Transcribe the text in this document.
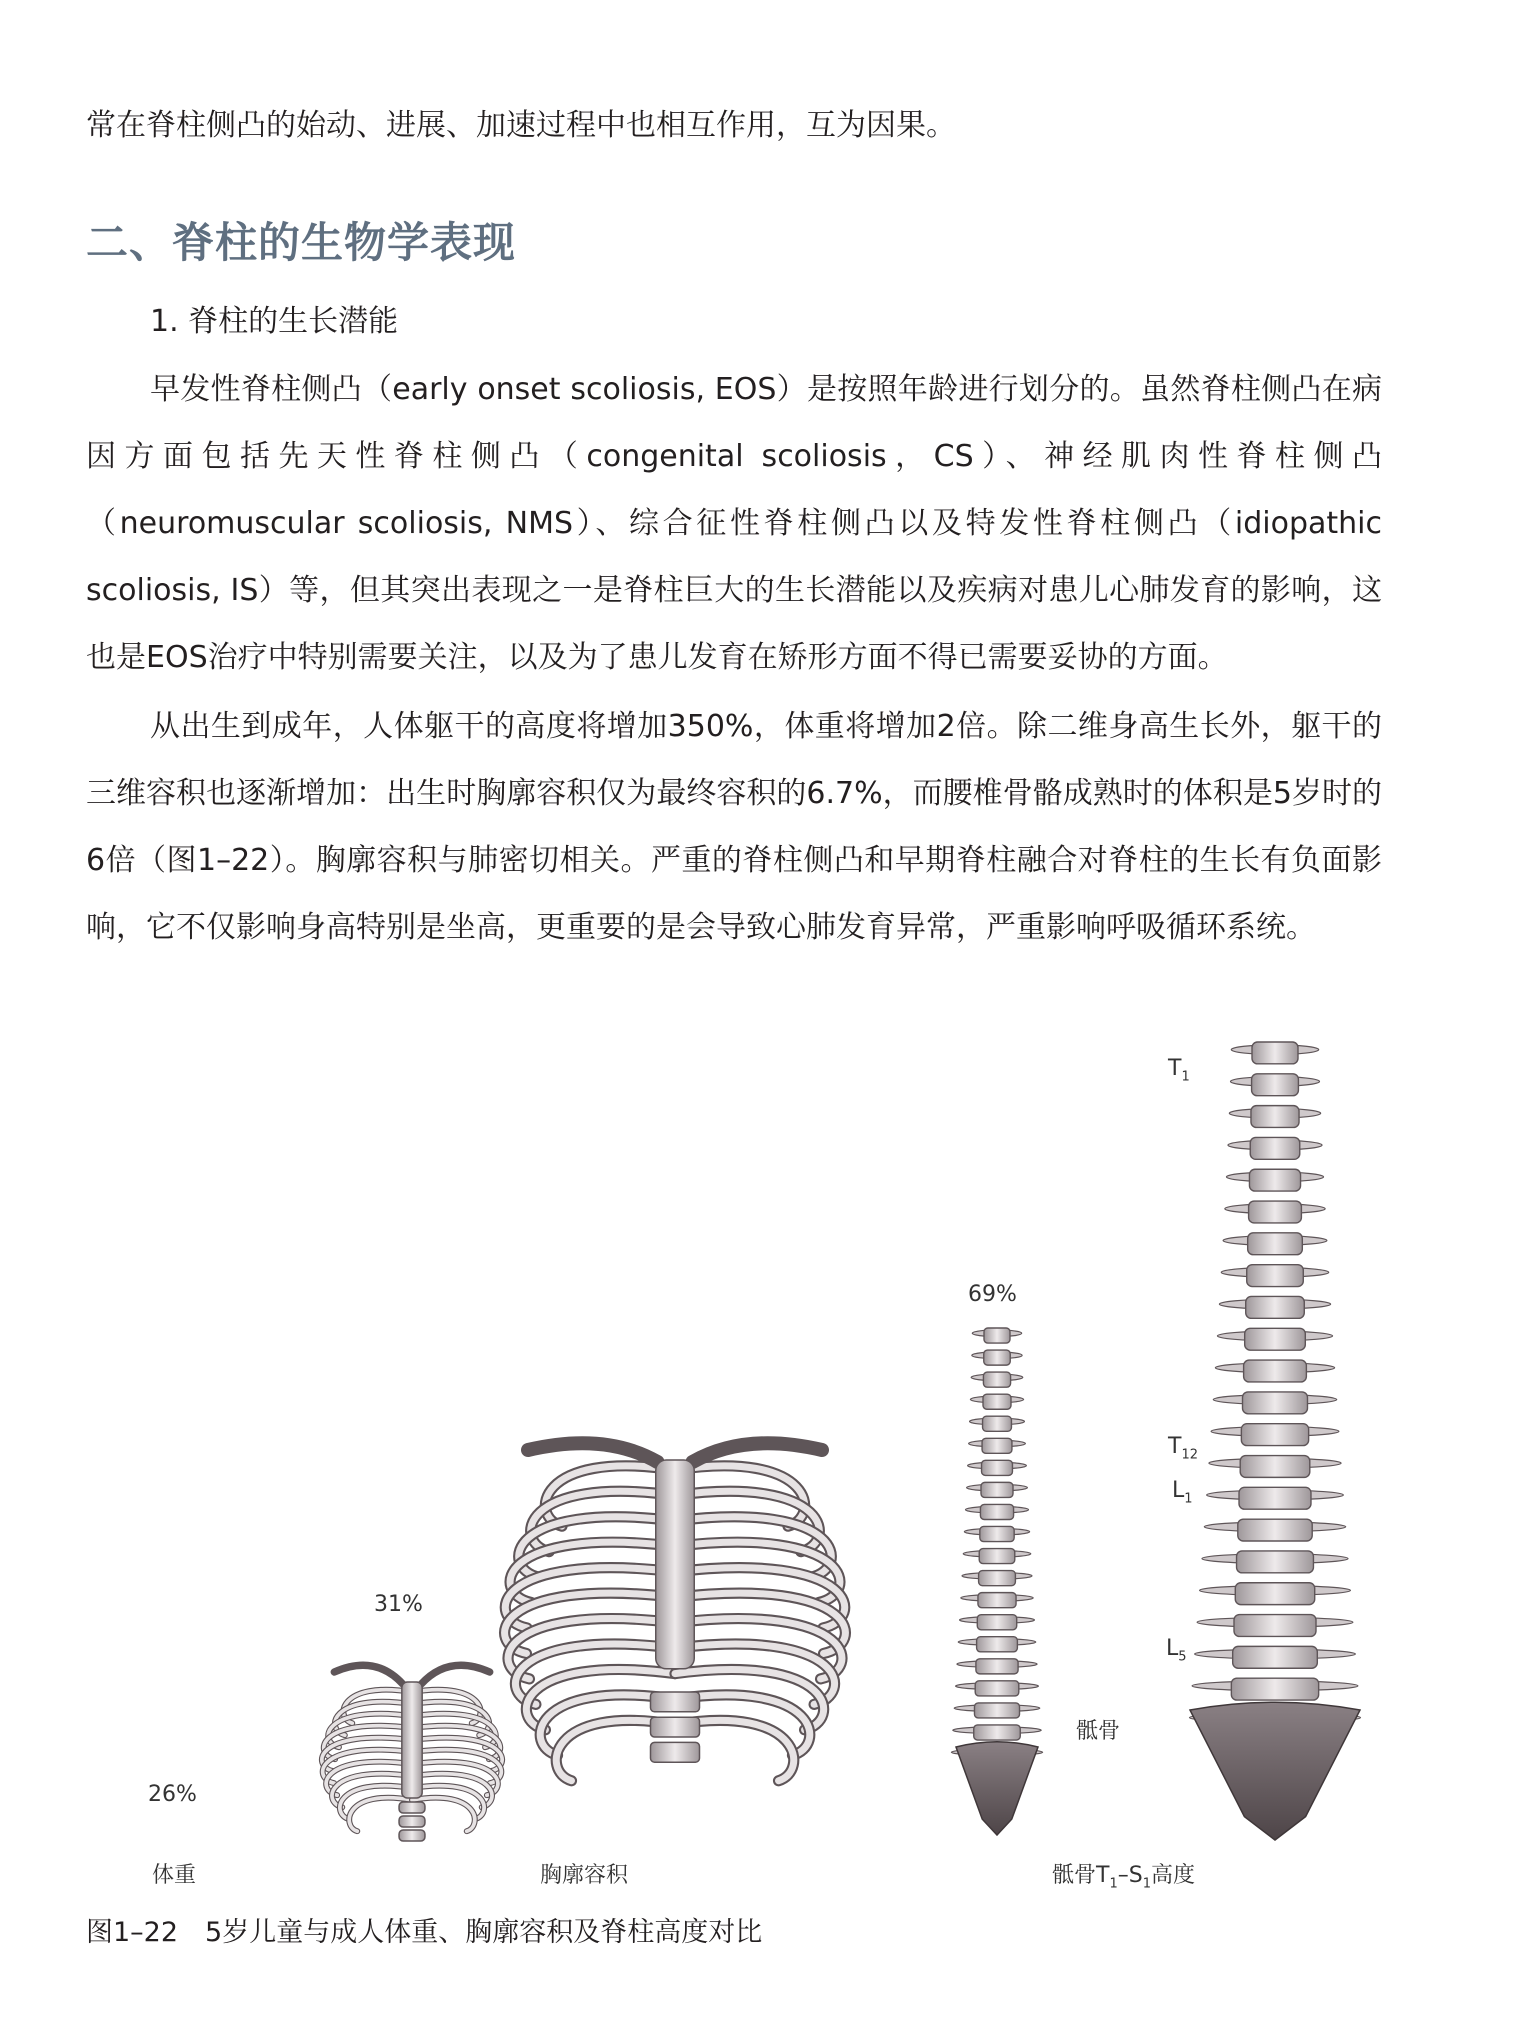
常在脊柱侧凸的始动、进展、加速过程中也相互作用，互为因果。

二、脊柱的生物学表现

1. 脊柱的生长潜能

早发性脊柱侧凸（early onset scoliosis, EOS）是按照年龄进行划分的。虽然脊柱侧凸在病因方面包括先天性脊柱侧凸（congenital scoliosis，CS）、神经肌肉性脊柱侧凸（neuromuscular scoliosis, NMS）、综合征性脊柱侧凸以及特发性脊柱侧凸（idiopathic scoliosis, IS）等，但其突出表现之一是脊柱巨大的生长潜能以及疾病对患儿心肺发育的影响，这也是EOS治疗中特别需要关注，以及为了患儿发育在矫形方面不得已需要妥协的方面。

从出生到成年，人体躯干的高度将增加350%，体重将增加2倍。除二维身高生长外，躯干的三维容积也逐渐增加：出生时胸廓容积仅为最终容积的6.7%，而腰椎骨骼成熟时的体积是5岁时的6倍（图1–22）。胸廓容积与肺密切相关。严重的脊柱侧凸和早期脊柱融合对脊柱的生长有负面影响，它不仅影响身高特别是坐高，更重要的是会导致心肺发育异常，严重影响呼吸循环系统。

26%
31%
69%
$T_1$
$T_{12}$
$L_1$
$L_5$
骶骨
体重	胸廓容积	骶骨$T_1-S_1$高度

图1–22　5岁儿童与成人体重、胸廓容积及脊柱高度对比
